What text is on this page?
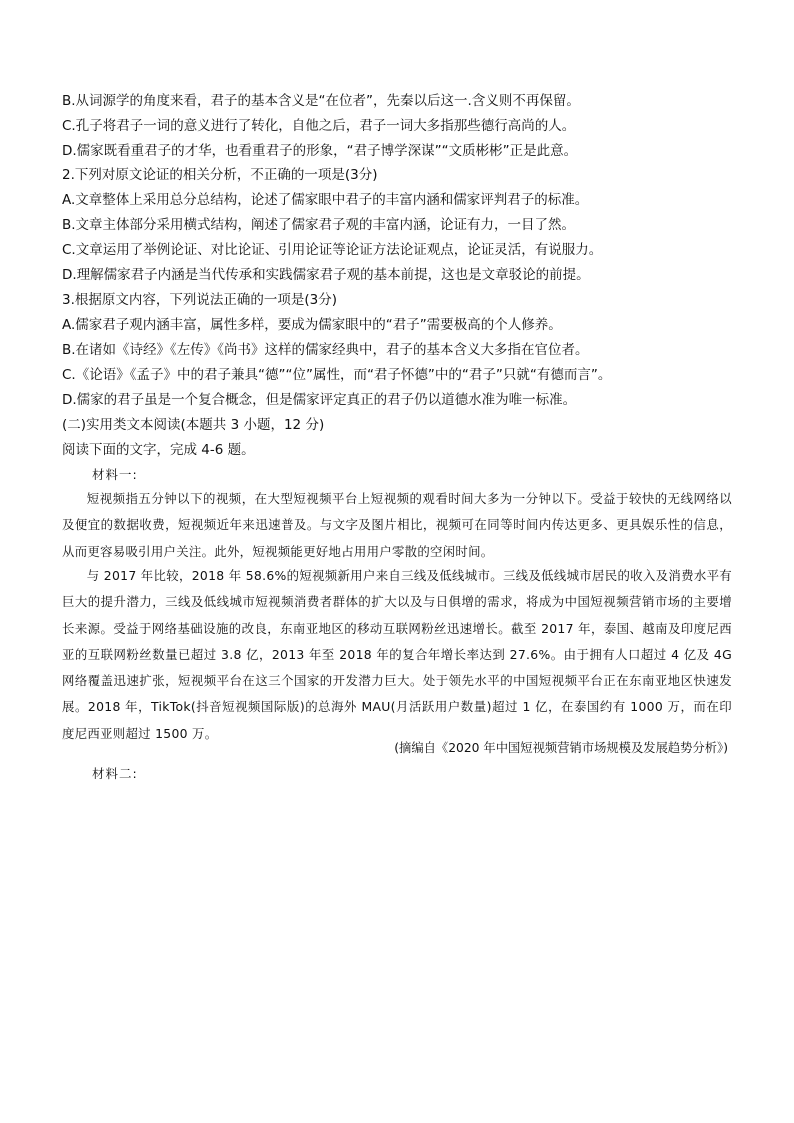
B.从词源学的角度来看，君子的基本含义是“在位者”，先秦以后这一.含义则不再保留。
C.孔子将君子一词的意义进行了转化，自他之后，君子一词大多指那些德行高尚的人。
D.儒家既看重君子的才华，也看重君子的形象，“君子博学深谋”“文质彬彬”正是此意。
2.下列对原文论证的相关分析，不正确的一项是(3分)
A.文章整体上采用总分总结构，论述了儒家眼中君子的丰富内涵和儒家评判君子的标准。
B.文章主体部分采用横式结构，阐述了儒家君子观的丰富内涵，论证有力，一目了然。
C.文章运用了举例论证、对比论证、引用论证等论证方法论证观点，论证灵活，有说服力。
D.理解儒家君子内涵是当代传承和实践儒家君子观的基本前提，这也是文章驳论的前提。
3.根据原文内容，下列说法正确的一项是(3分)
A.儒家君子观内涵丰富，属性多样，要成为儒家眼中的“君子”需要极高的个人修养。
B.在诸如《诗经》《左传》《尚书》这样的儒家经典中，君子的基本含义大多指在官位者。
C.《论语》《孟子》中的君子兼具“德”“位”属性，而“君子怀德”中的“君子”只就“有德而言”。
D.儒家的君子虽是一个复合概念，但是儒家评定真正的君子仍以道德水准为唯一标准。
(二)实用类文本阅读(本题共 3 小题，12 分)
阅读下面的文字，完成 4-6 题。
材料一:
短视频指五分钟以下的视频，在大型短视频平台上短视频的观看时间大多为一分钟以下。受益于较快的无线网络以及便宜的数据收费，短视频近年来迅速普及。与文字及图片相比，视频可在同等时间内传达更多、更具娱乐性的信息，从而更容易吸引用户关注。此外，短视频能更好地占用用户零散的空闲时间。
与 2017 年比较，2018 年 58.6%的短视频新用户来自三线及低线城市。三线及低线城市居民的收入及消费水平有巨大的提升潜力，三线及低线城市短视频消费者群体的扩大以及与日俱增的需求，将成为中国短视频营销市场的主要增长来源。受益于网络基础设施的改良，东南亚地区的移动互联网粉丝迅速增长。截至 2017 年，泰国、越南及印度尼西亚的互联网粉丝数量已超过 3.8 亿，2013 年至 2018 年的复合年增长率达到 27.6%。由于拥有人口超过 4 亿及 4G 网络覆盖迅速扩张，短视频平台在这三个国家的开发潜力巨大。处于领先水平的中国短视频平台正在东南亚地区快速发展。2018 年，TikTok(抖音短视频国际版)的总海外 MAU(月活跃用户数量)超过 1 亿，在泰国约有 1000 万，而在印度尼西亚则超过 1500 万。
(摘编自《2020 年中国短视频营销市场规模及发展趋势分析》)
材料二:
